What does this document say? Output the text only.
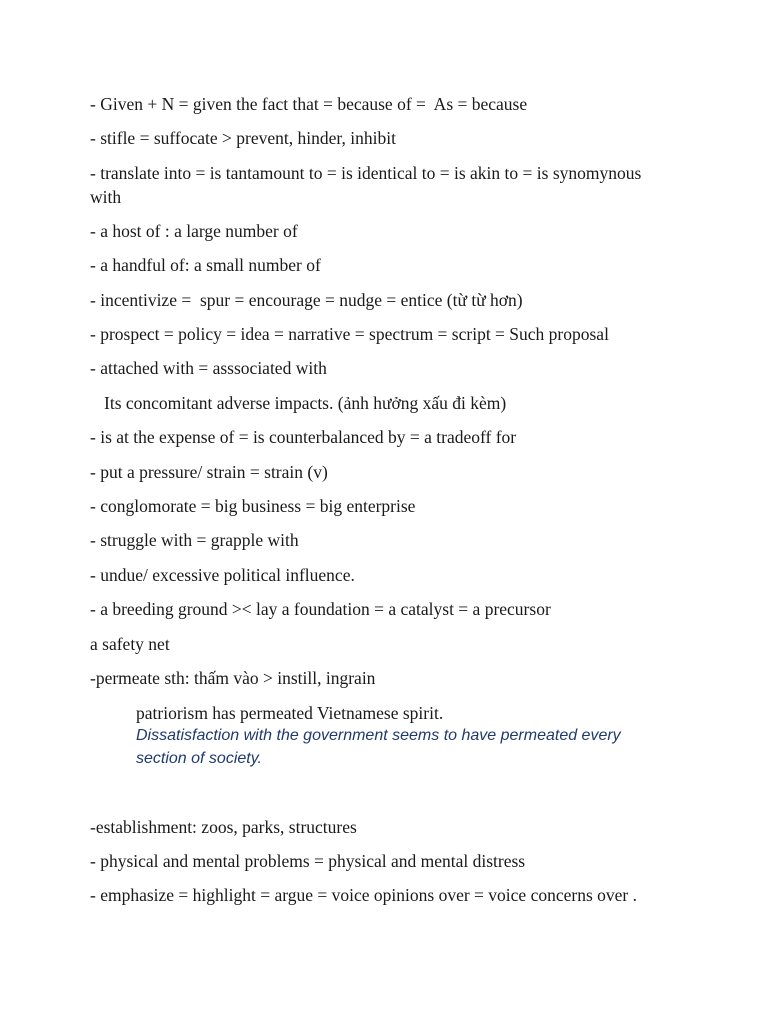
- Given + N = given the fact that = because of =  As = because

- stifle = suffocate > prevent, hinder, inhibit

- translate into = is tantamount to = is identical to = is akin to = is synomynous with

- a host of : a large number of

- a handful of: a small number of

- incentivize =  spur = encourage = nudge = entice (từ từ hơn)

- prospect = policy = idea = narrative = spectrum = script = Such proposal

- attached with = asssociated with

Its concomitant adverse impacts. (ảnh hưởng xấu đi kèm)

- is at the expense of = is counterbalanced by = a tradeoff for

- put a pressure/ strain = strain (v)

- conglomorate = big business = big enterprise

- struggle with = grapple with

- undue/ excessive political influence.

- a breeding ground >< lay a foundation = a catalyst = a precursor

a safety net

-permeate sth: thấm vào > instill, ingrain

patriorism has permeated Vietnamese spirit.

Dissatisfaction with the government seems to have permeated every section of society.

-establishment: zoos, parks, structures

- physical and mental problems = physical and mental distress

- emphasize = highlight = argue = voice opinions over = voice concerns over .
